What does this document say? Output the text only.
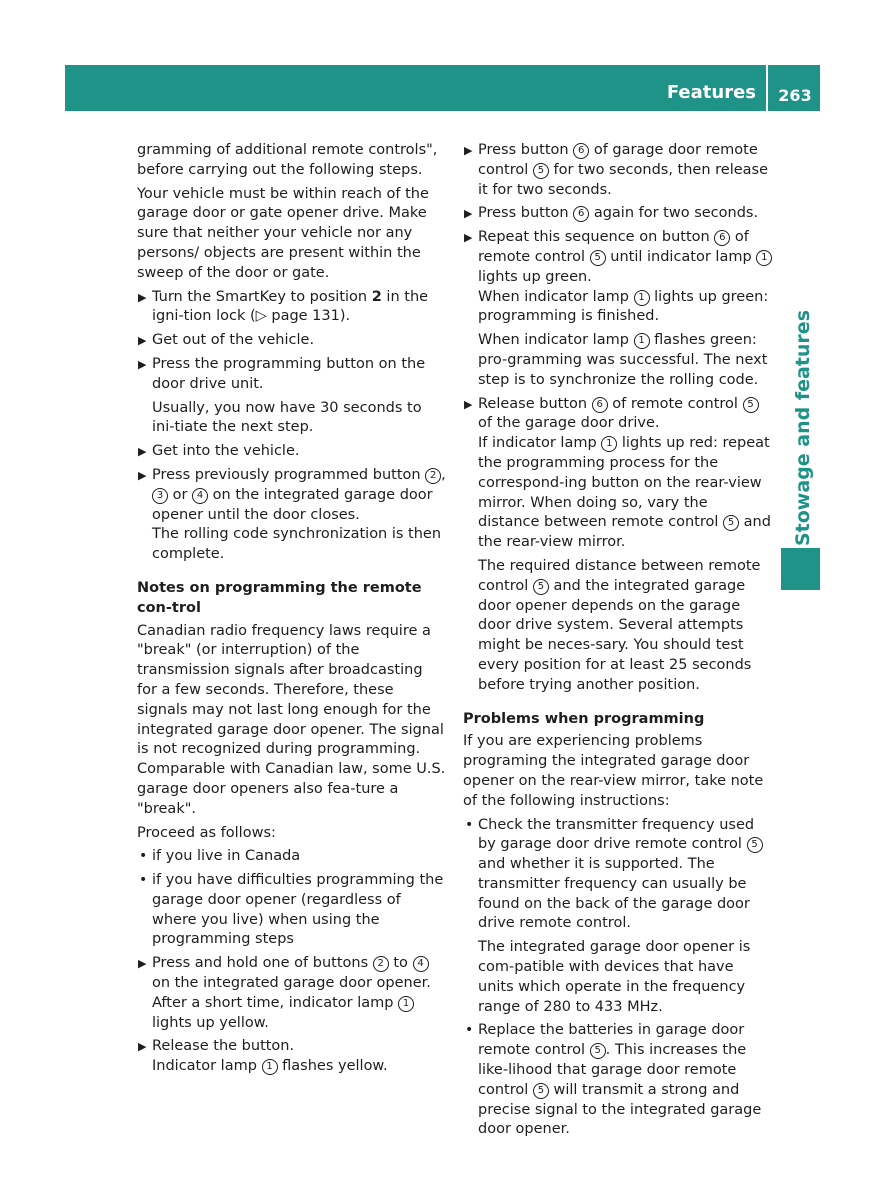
Features	263
Stowage and features

gramming of additional remote controls", before carrying out the following steps.

Your vehicle must be within reach of the garage door or gate opener drive. Make sure that neither your vehicle nor any persons/ objects are present within the sweep of the door or gate.

▶ Turn the SmartKey to position 2 in the igni-tion lock (▷ page 131).
▶ Get out of the vehicle.
▶ Press the programming button on the door drive unit.

Usually, you now have 30 seconds to ini-tiate the next step.

▶ Get into the vehicle.
▶ Press previously programmed button 2 , 3 or 4 on the integrated garage door opener until the door closes.

The rolling code synchronization is then complete.

Notes on programming the remote con-trol

Canadian radio frequency laws require a "break" (or interruption) of the transmission signals after broadcasting for a few seconds. Therefore, these signals may not last long enough for the integrated garage door opener. The signal is not recognized during programming. Comparable with Canadian law, some U.S. garage door openers also fea-ture a "break".

Proceed as follows:

• if you live in Canada
• if you have difficulties programming the garage door opener (regardless of where you live) when using the programming steps
▶ Press and hold one of buttons 2 to 4 on the integrated garage door opener.

After a short time, indicator lamp 1 lights up yellow.

▶ Release the button.

Indicator lamp 1 flashes yellow.

▶ Press button 6 of garage door remote control 5 for two seconds, then release it for two seconds.
▶ Press button 6 again for two seconds.
▶ Repeat this sequence on button 6 of remote control 5 until indicator lamp 1 lights up green.

When indicator lamp 1 lights up green: programming is finished.

When indicator lamp 1 flashes green: pro-gramming was successful. The next step is to synchronize the rolling code.

▶ Release button 6 of remote control 5 of the garage door drive.

If indicator lamp 1 lights up red: repeat the programming process for the correspond-ing button on the rear-view mirror. When doing so, vary the distance between remote control 5 and the rear-view mirror.

The required distance between remote control 5 and the integrated garage door opener depends on the garage door drive system. Several attempts might be neces-sary. You should test every position for at least 25 seconds before trying another position.

Problems when programming

If you are experiencing problems programing the integrated garage door opener on the rear-view mirror, take note of the following instructions:

• Check the transmitter frequency used by garage door drive remote control 5 and whether it is supported. The transmitter frequency can usually be found on the back of the garage door drive remote control.

The integrated garage door opener is com-patible with devices that have units which operate in the frequency range of 280 to 433 MHz.

• Replace the batteries in garage door remote control 5 . This increases the like-lihood that garage door remote control 5 will transmit a strong and precise signal to the integrated garage door opener.
